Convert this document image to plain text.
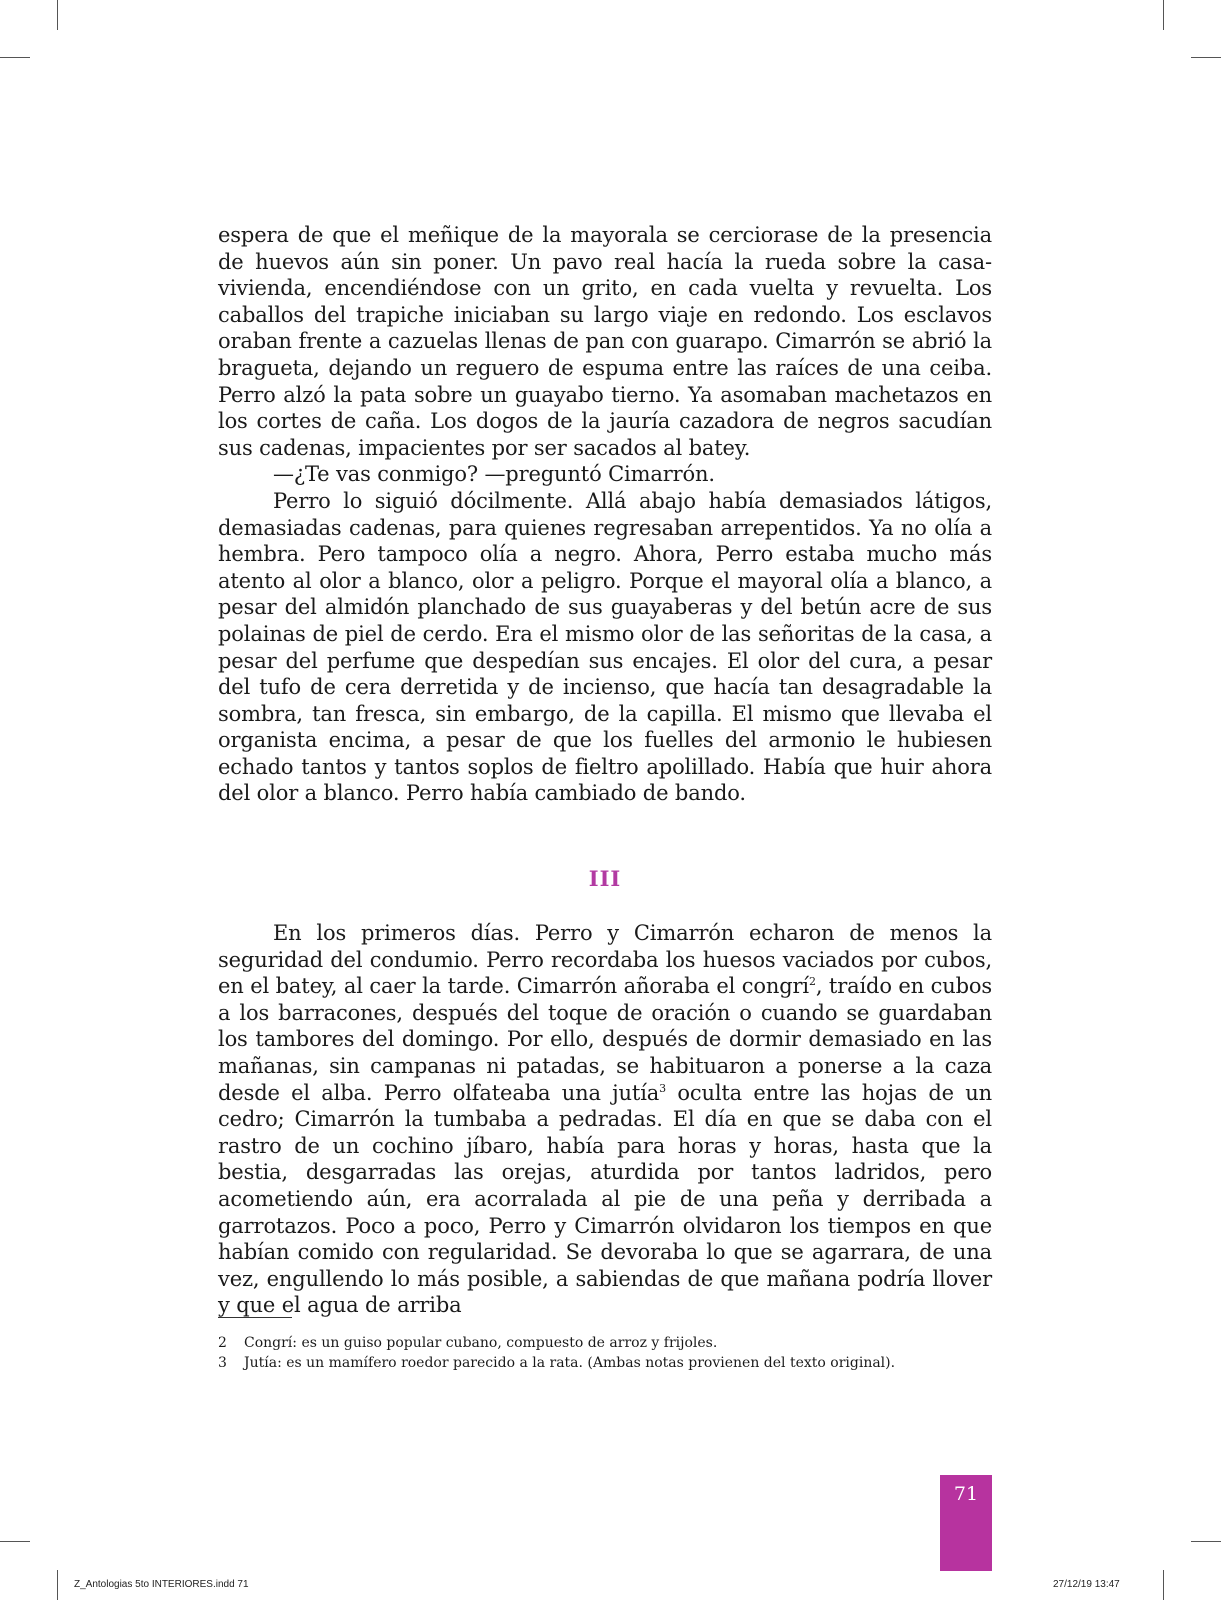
espera de que el meñique de la mayorala se cerciorase de la presencia de huevos aún sin poner. Un pavo real hacía la rueda sobre la casa-vivienda, encendiéndose con un grito, en cada vuelta y revuelta. Los caballos del trapiche iniciaban su largo viaje en redondo. Los esclavos oraban frente a cazuelas llenas de pan con guarapo. Cimarrón se abrió la bragueta, dejando un reguero de espuma entre las raíces de una ceiba. Perro alzó la pata sobre un guayabo tierno. Ya asomaban machetazos en los cortes de caña. Los dogos de la jauría cazadora de negros sacudían sus cadenas, impacientes por ser sacados al batey.

—¿Te vas conmigo? —preguntó Cimarrón.

Perro lo siguió dócilmente. Allá abajo había demasiados látigos, demasiadas cadenas, para quienes regresaban arrepentidos. Ya no olía a hembra. Pero tampoco olía a negro. Ahora, Perro estaba mucho más atento al olor a blanco, olor a peligro. Porque el mayoral olía a blanco, a pesar del almidón planchado de sus guayaberas y del betún acre de sus polainas de piel de cerdo. Era el mismo olor de las señoritas de la casa, a pesar del perfume que despedían sus encajes. El olor del cura, a pesar del tufo de cera derretida y de incienso, que hacía tan desagradable la sombra, tan fresca, sin embargo, de la capilla. El mismo que llevaba el organista encima, a pesar de que los fuelles del armonio le hubiesen echado tantos y tantos soplos de fieltro apolillado. Había que huir ahora del olor a blanco. Perro había cambiado de bando.

III

En los primeros días. Perro y Cimarrón echaron de menos la seguridad del condumio. Perro recordaba los huesos vaciados por cubos, en el batey, al caer la tarde. Cimarrón añoraba el congrí$^2$, traído en cubos a los barracones, después del toque de oración o cuando se guardaban los tambores del domingo. Por ello, después de dormir demasiado en las mañanas, sin campanas ni patadas, se habituaron a ponerse a la caza desde el alba. Perro olfateaba una jutía$^3$ oculta entre las hojas de un cedro; Cimarrón la tumbaba a pedradas. El día en que se daba con el rastro de un cochino jíbaro, había para horas y horas, hasta que la bestia, desgarradas las orejas, aturdida por tantos ladridos, pero acometiendo aún, era acorralada al pie de una peña y derribada a garrotazos. Poco a poco, Perro y Cimarrón olvidaron los tiempos en que habían comido con regularidad. Se devoraba lo que se agarrara, de una vez, engullendo lo más posible, a sabiendas de que mañana podría llover y que el agua de arriba

2 Congrí: es un guiso popular cubano, compuesto de arroz y frijoles.
3 Jutía: es un mamífero roedor parecido a la rata. (Ambas notas provienen del texto original).
71
Z_Antologias 5to INTERIORES.indd 71	27/12/19 13:47
